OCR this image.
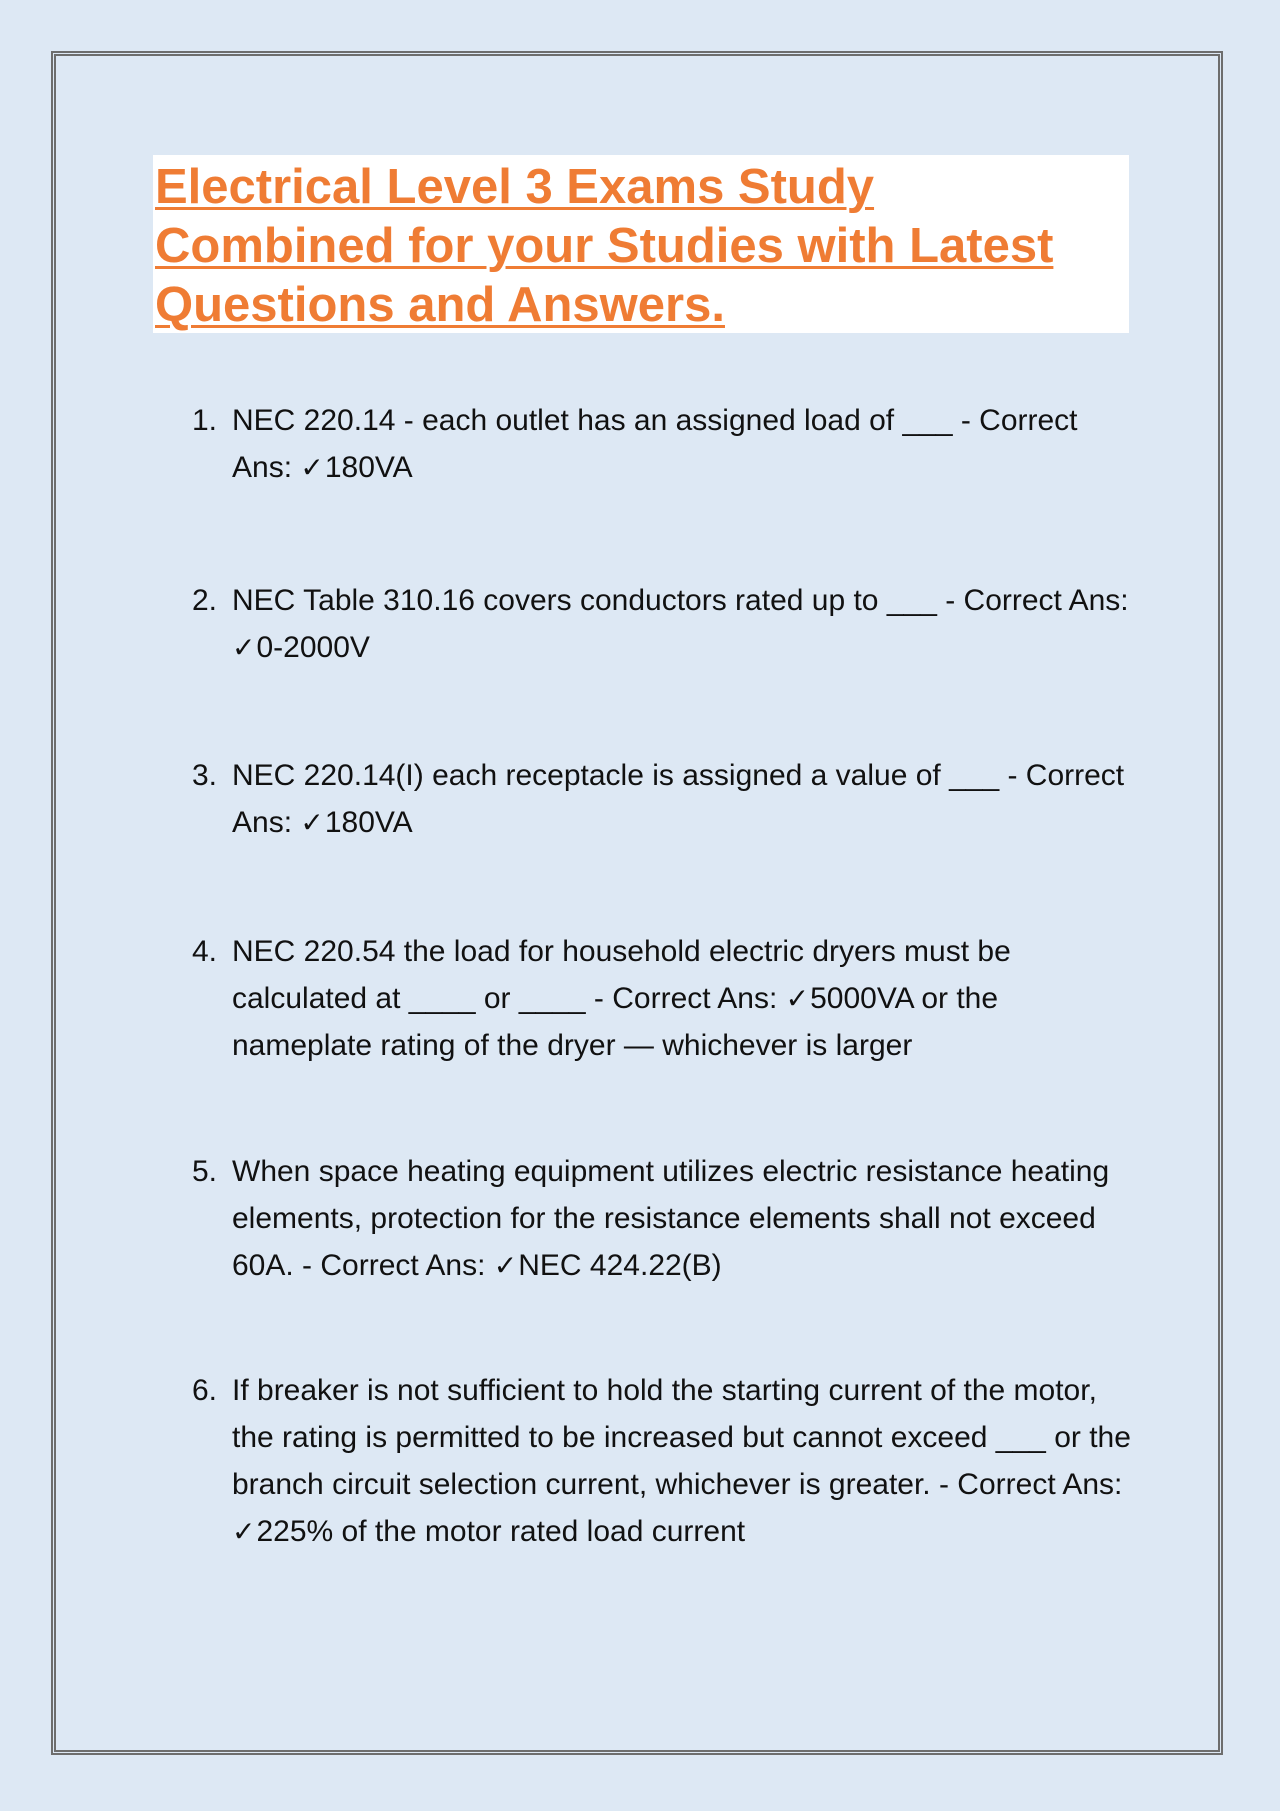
Electrical Level 3 Exams Study Combined for your Studies with Latest Questions and Answers.
1. NEC 220.14 - each outlet has an assigned load of ___ - Correct Ans: ✓180VA
2. NEC Table 310.16 covers conductors rated up to ___ - Correct Ans: ✓0-2000V
3. NEC 220.14(I) each receptacle is assigned a value of ___ - Correct Ans: ✓180VA
4. NEC 220.54 the load for household electric dryers must be calculated at ____ or ____ - Correct Ans: ✓5000VA or the nameplate rating of the dryer — whichever is larger
5. When space heating equipment utilizes electric resistance heating elements, protection for the resistance elements shall not exceed 60A. - Correct Ans: ✓NEC 424.22(B)
6. If breaker is not sufficient to hold the starting current of the motor, the rating is permitted to be increased but cannot exceed ___ or the branch circuit selection current, whichever is greater. - Correct Ans: ✓225% of the motor rated load current
